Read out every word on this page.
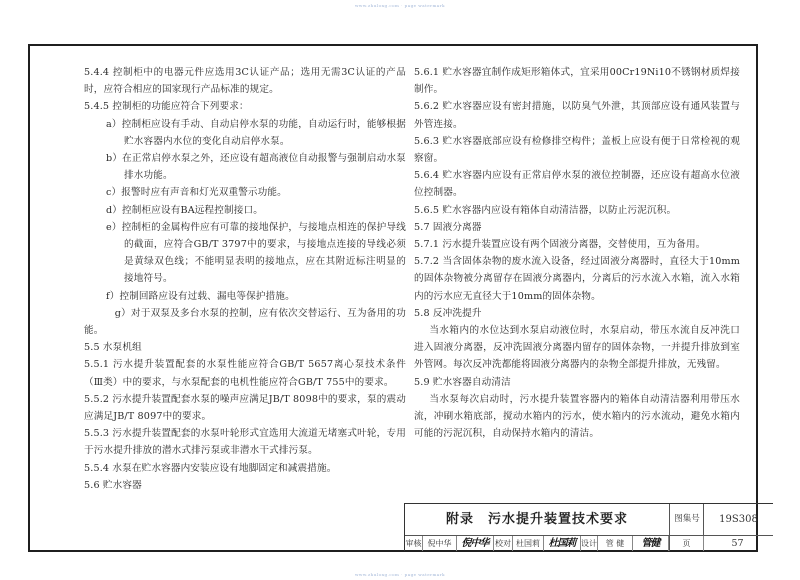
www.zhulong.com · page watermark

5.4.4 控制柜中的电器元件应选用3C认证产品；选用无需3C认证的产品时，应符合相应的国家现行产品标准的规定。

5.4.5 控制柜的功能应符合下列要求：

a）控制柜应设有手动、自动启停水泵的功能，自动运行时，能够根据贮水容器内水位的变化自动启停水泵。

b）在正常启停水泵之外，还应设有超高液位自动报警与强制启动水泵排水功能。

c）报警时应有声音和灯光双重警示功能。

d）控制柜应设有BA远程控制接口。

e）控制柜的金属构件应有可靠的接地保护，与接地点相连的保护导线的截面，应符合GB/T 3797中的要求，与接地点连接的导线必须是黄绿双色线；不能明显表明的接地点，应在其附近标注明显的接地符号。

f）控制回路应设有过载、漏电等保护措施。

g）对于双泵及多台水泵的控制，应有依次交替运行、互为备用的功能。

5.5 水泵机组

5.5.1 污水提升装置配套的水泵性能应符合GB/T 5657离心泵技术条件（Ⅲ类）中的要求，与水泵配套的电机性能应符合GB/T 755中的要求。

5.5.2 污水提升装置配套水泵的噪声应满足JB/T 8098中的要求，泵的震动应满足JB/T 8097中的要求。

5.5.3 污水提升装置配套的水泵叶轮形式宜选用大流道无堵塞式叶轮，专用于污水提升排放的潜水式排污泵或非潜水干式排污泵。

5.5.4 水泵在贮水容器内安装应设有地脚固定和减震措施。

5.6 贮水容器

5.6.1 贮水容器宜制作成矩形箱体式，宜采用00Cr19Ni10不锈钢材质焊接制作。

5.6.2 贮水容器应设有密封措施，以防臭气外泄，其顶部应设有通风装置与外管连接。

5.6.3 贮水容器底部应设有检修排空构件；盖板上应设有便于日常检视的观察窗。

5.6.4 贮水容器内应设有正常启停水泵的液位控制器，还应设有超高水位液位控制器。

5.6.5 贮水容器内应设有箱体自动清洁器，以防止污泥沉积。

5.7 固液分离器

5.7.1 污水提升装置应设有两个固液分离器，交替使用，互为备用。

5.7.2 当含固体杂物的废水流入设备，经过固液分离器时，直径大于10mm的固体杂物被分离留存在固液分离器内，分离后的污水流入水箱，流入水箱内的污水应无直径大于10mm的固体杂物。

5.8 反冲洗提升

当水箱内的水位达到水泵启动液位时，水泵启动，带压水流自反冲洗口进入固液分离器，反冲洗固液分离器内留存的固体杂物，一并提升排放到室外管网。每次反冲洗都能将固液分离器内的杂物全部提升排放，无残留。

5.9 贮水容器自动清洁

当水泵每次启动时，污水提升装置容器内的箱体自动清洁器利用带压水流，冲刷水箱底部，搅动水箱内的污水，使水箱内的污水流动，避免水箱内可能的污泥沉积，自动保持水箱内的清洁。

附录　污水提升装置技术要求	图集号	19S308
审核 倪中华	倪中华 校对 杜国莉 杜国莉 设计	管 健	管健	页	57
www.zhulong.com · page watermark
